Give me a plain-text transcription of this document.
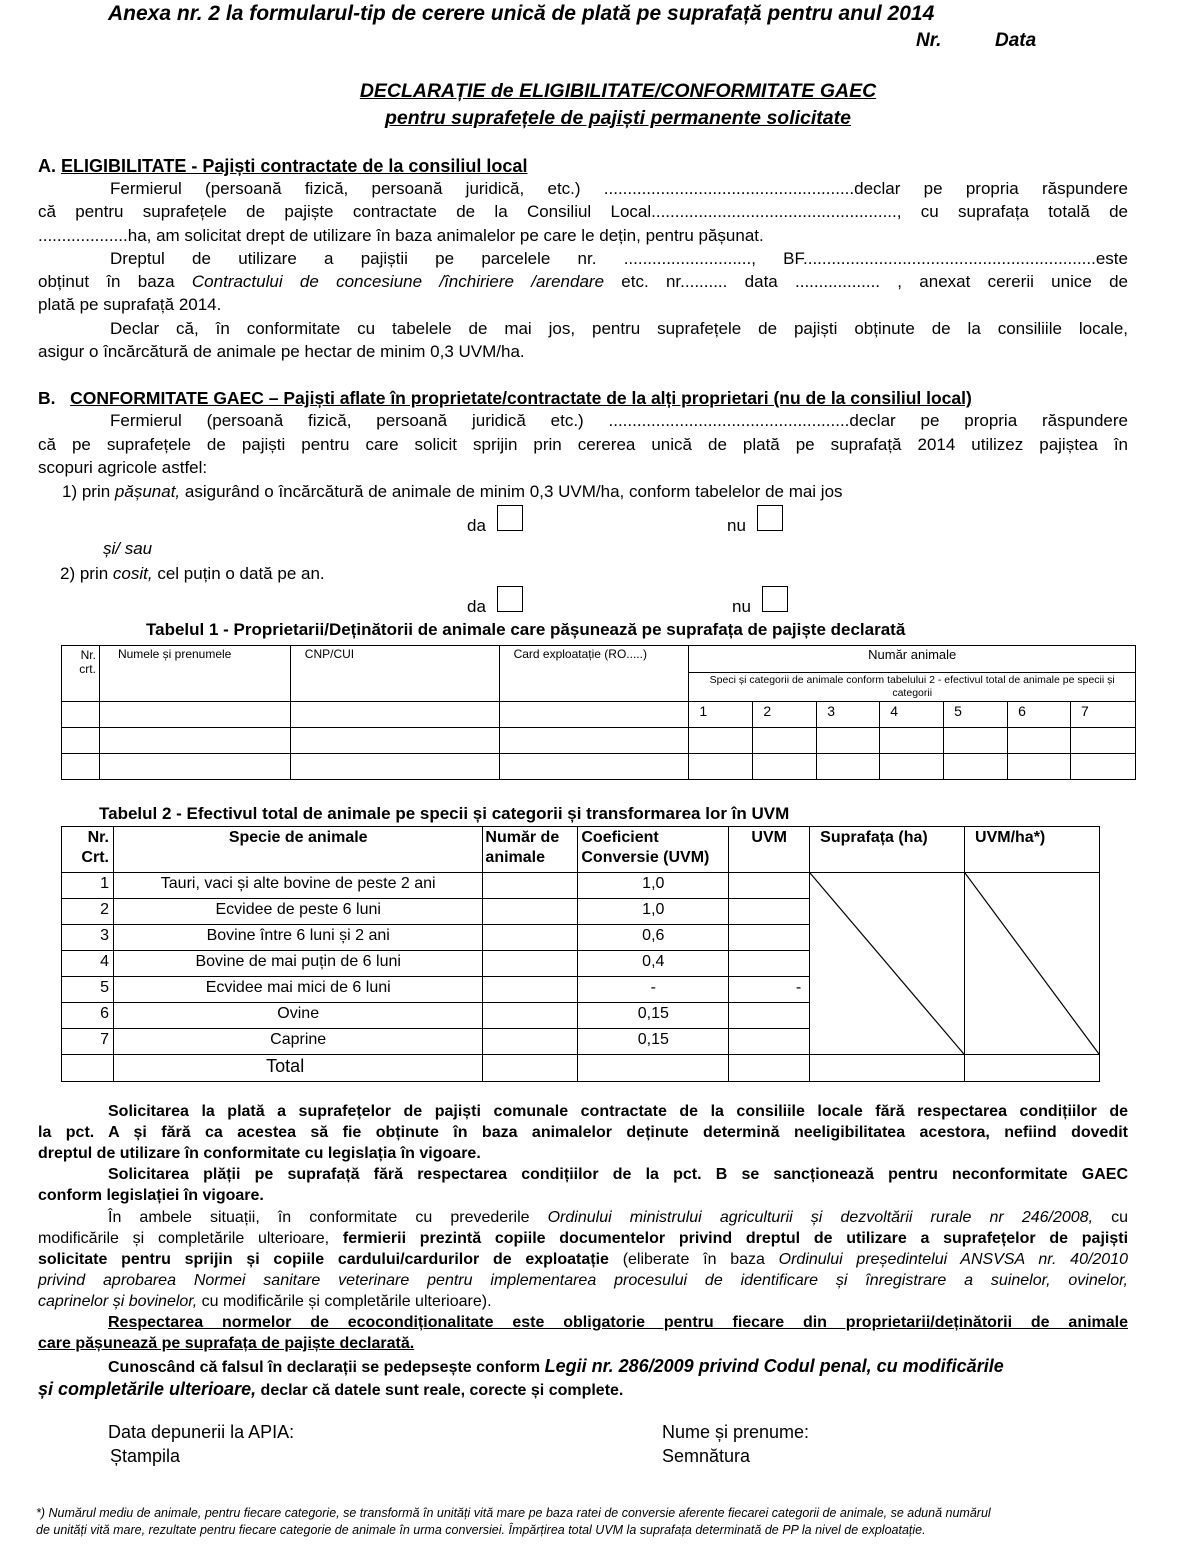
Anexa nr. 2 la formularul-tip de cerere unică de plată pe suprafață pentru anul 2014
Nr.	Data
DECLARAȚIE de ELIGIBILITATE/CONFORMITATE GAEC
pentru suprafețele de pajiști permanente solicitate
A. ELIGIBILITATE - Pajiști contractate de la consiliul local
Fermierul (persoană fizică, persoană juridică, etc.) .....................................................declar pe propria răspundere
că pentru suprafețele de pajiște contractate de la Consiliul Local...................................................., cu suprafața totală de
...................ha, am solicitat drept de utilizare în baza animalelor pe care le dețin, pentru pășunat.
Dreptul de utilizare a pajiștii pe parcelele nr. ..........................., BF..............................................................este
obținut în baza Contractului de concesiune /închiriere /arendare etc. nr.......... data .................. , anexat cererii unice de
plată pe suprafață 2014.
Declar că, în conformitate cu tabelele de mai jos, pentru suprafețele de pajiști obținute de la consiliile locale,
asigur o încărcătură de animale pe hectar de minim 0,3 UVM/ha.
B. CONFORMITATE GAEC – Pajiști aflate în proprietate/contractate de la alți proprietari (nu de la consiliul local)
Fermierul (persoană fizică, persoană juridică etc.) ...................................................declar pe propria răspundere
că pe suprafețele de pajiști pentru care solicit sprijin prin cererea unică de plată pe suprafață 2014 utilizez pajiștea în
scopuri agricole astfel:
1) prin pășunat, asigurând o încărcătură de animale de minim 0,3 UVM/ha, conform tabelelor de mai jos
da	nu
și/ sau
2) prin cosit, cel puțin o dată pe an.
da	nu
Tabelul 1 - Proprietarii/Deținătorii de animale care pășunează pe suprafața de pajiște declarată
Nr. crt.	Numele și prenumele	CNP/CUI	Card exploatație (RO.....)	Număr animale						
				Speci și categorii de animale conform tabelului 2 - efectivul total de animale pe specii și categorii						
				1	2	3	4	5	6	7

Tabelul 2 - Efectivul total de animale pe specii și categorii și transformarea lor în UVM
Nr. Crt.	Specie de animale	Număr de animale	Coeficient Conversie (UVM)	UVM	Suprafața (ha)	UVM/ha*)
1	Tauri, vaci și alte bovine de peste 2 ani		1,0		

2	Ecvidee de peste 6 luni		1,0			
3	Bovine între 6 luni și 2 ani		0,6			
4	Bovine de mai puțin de 6 luni		0,4			
5	Ecvidee mai mici de 6 luni		-	-		
6	Ovine		0,15			
7	Caprine		0,15			
	Total					
Solicitarea la plată a suprafețelor de pajiști comunale contractate de la consiliile locale fără respectarea condițiilor de
la pct. A și fără ca acestea să fie obținute în baza animalelor deținute determină neeligibilitatea acestora, nefiind dovedit
dreptul de utilizare în conformitate cu legislația în vigoare.
Solicitarea plății pe suprafață fără respectarea condițiilor de la pct. B se sancționează pentru neconformitate GAEC
conform legislației în vigoare.
În ambele situații, în conformitate cu prevederile Ordinului ministrului agriculturii și dezvoltării rurale nr 246/2008, cu
modificările și completările ulterioare, fermierii prezintă copiile documentelor privind dreptul de utilizare a suprafețelor de pajiști
solicitate pentru sprijin și copiile cardului/cardurilor de exploatație (eliberate în baza Ordinului președintelui ANSVSA nr. 40/2010
privind aprobarea Normei sanitare veterinare pentru implementarea procesului de identificare și înregistrare a suinelor, ovinelor,
caprinelor și bovinelor, cu modificările și completările ulterioare).
Respectarea normelor de ecocondiționalitate este obligatorie pentru fiecare din proprietarii/deținătorii de animale
care pășunează pe suprafața de pajiște declarată.
Cunoscând că falsul în declarații se pedepsește conform Legii nr. 286/2009 privind Codul penal, cu modificările
și completările ulterioare, declar că datele sunt reale, corecte și complete.
Data depunerii la APIA:
Ștampila
Nume și prenume:
Semnătura
*) Numărul mediu de animale, pentru fiecare categorie, se transformă în unități vită mare pe baza ratei de conversie aferente fiecarei categorii de animale, se adună numărul
de unități vită mare, rezultate pentru fiecare categorie de animale în urma conversiei. Împărțirea total UVM la suprafața determinată de PP la nivel de exploatație.
